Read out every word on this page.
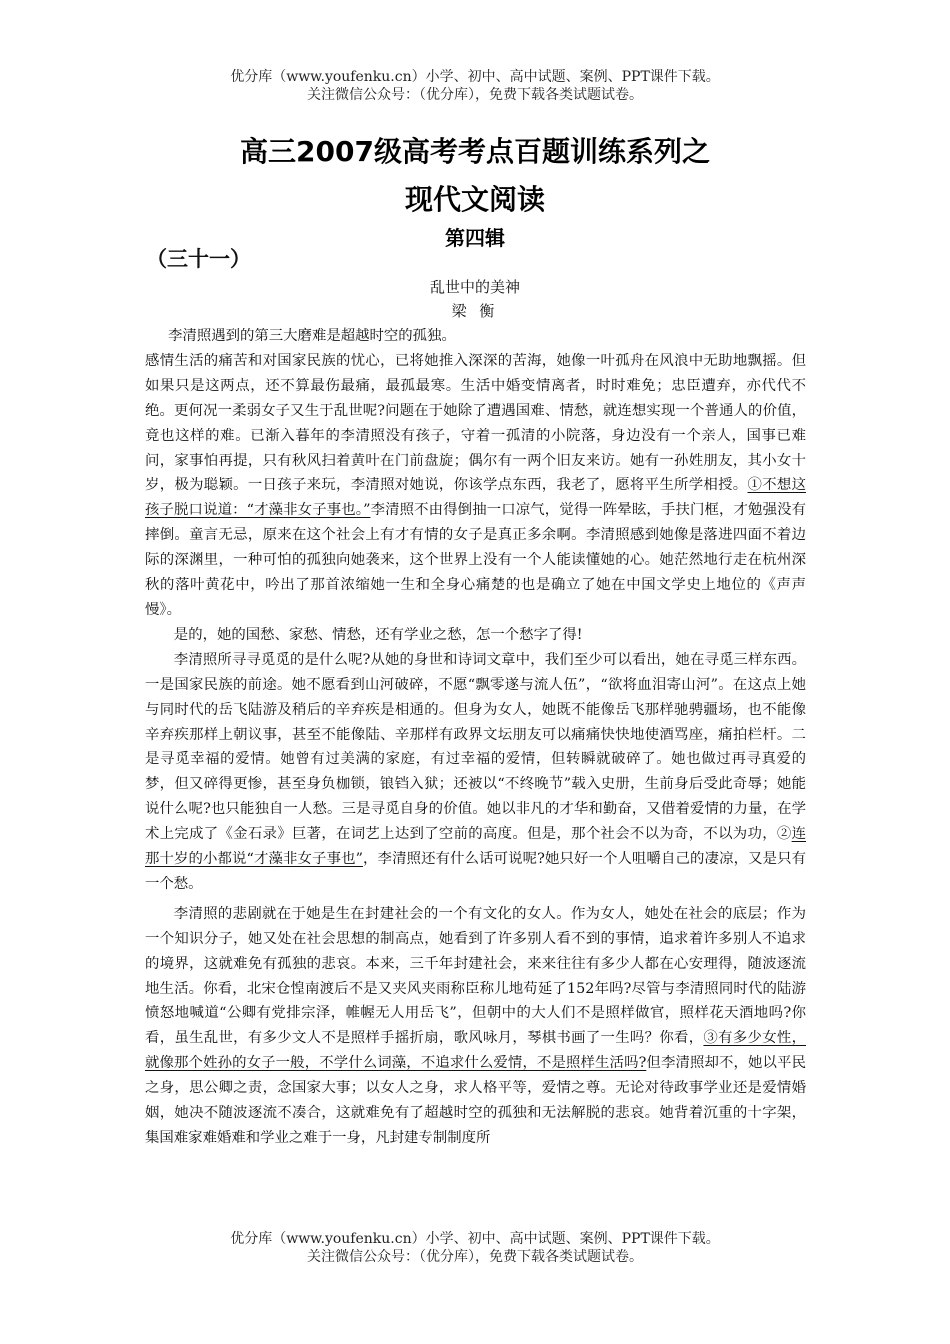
优分库（www.youfenku.cn）小学、初中、高中试题、案例、PPT课件下载。
关注微信公众号：（优分库），免费下载各类试题试卷。
高三2007级高考考点百题训练系列之
现代文阅读
第四辑
（三十一）
乱世中的美神
梁 衡

李清照遇到的第三大磨难是超越时空的孤独。

感情生活的痛苦和对国家民族的忧心，已将她推入深深的苦海，她像一叶孤舟在风浪中无助地飘摇。但如果只是这两点，还不算最伤最痛，最孤最寒。生活中婚变情离者，时时难免；忠臣遭弃，亦代代不绝。更何况一柔弱女子又生于乱世呢?问题在于她除了遭遇国难、情愁，就连想实现一个普通人的价值，竟也这样的难。已渐入暮年的李清照没有孩子，守着一孤清的小院落，身边没有一个亲人，国事已难问，家事怕再提，只有秋风扫着黄叶在门前盘旋；偶尔有一两个旧友来访。她有一孙姓朋友，其小女十岁，极为聪颖。一日孩子来玩，李清照对她说，你该学点东西，我老了，愿将平生所学相授。①不想这孩子脱口说道：“才藻非女子事也。”李清照不由得倒抽一口凉气，觉得一阵晕眩，手扶门框，才勉强没有摔倒。童言无忌，原来在这个社会上有才有情的女子是真正多余啊。李清照感到她像是落进四面不着边际的深渊里，一种可怕的孤独向她袭来，这个世界上没有一个人能读懂她的心。她茫然地行走在杭州深秋的落叶黄花中，吟出了那首浓缩她一生和全身心痛楚的也是确立了她在中国文学史上地位的《声声慢》。

是的，她的国愁、家愁、情愁，还有学业之愁，怎一个愁字了得!

李清照所寻寻觅觅的是什么呢?从她的身世和诗词文章中，我们至少可以看出，她在寻觅三样东西。一是国家民族的前途。她不愿看到山河破碎，不愿“飘零遂与流人伍”，“欲将血泪寄山河”。在这点上她与同时代的岳飞陆游及稍后的辛弃疾是相通的。但身为女人，她既不能像岳飞那样驰骋疆场，也不能像辛弃疾那样上朝议事，甚至不能像陆、辛那样有政界文坛朋友可以痛痛快快地使酒骂座，痛拍栏杆。二是寻觅幸福的爱情。她曾有过美满的家庭，有过幸福的爱情，但转瞬就破碎了。她也做过再寻真爱的梦，但又碎得更惨，甚至身负枷锁，锒铛入狱；还被以“不终晚节”载入史册，生前身后受此奇辱；她能说什么呢?也只能独自一人愁。三是寻觅自身的价值。她以非凡的才华和勤奋，又借着爱情的力量，在学术上完成了《金石录》巨著，在词艺上达到了空前的高度。但是，那个社会不以为奇，不以为功，②连那十岁的小都说“才藻非女子事也”，李清照还有什么话可说呢?她只好一个人咀嚼自己的凄凉，又是只有一个愁。

李清照的悲剧就在于她是生在封建社会的一个有文化的女人。作为女人，她处在社会的底层；作为一个知识分子，她又处在社会思想的制高点，她看到了许多别人看不到的事情，追求着许多别人不追求的境界，这就难免有孤独的悲哀。本来，三千年封建社会，来来往往有多少人都在心安理得，随波逐流地生活。你看，北宋仓惶南渡后不是又夹风夹雨称臣称儿地苟延了152年吗?尽管与李清照同时代的陆游愤怒地喊道“公卿有党排宗泽，帷幄无人用岳飞”，但朝中的大人们不是照样做官，照样花天酒地吗?你看，虽生乱世，有多少文人不是照样手摇折扇，歌风咏月，琴棋书画了一生吗？你看，③有多少女性，就像那个姓孙的女子一般，不学什么词藻，不追求什么爱情，不是照样生活吗?但李清照却不，她以平民之身，思公卿之责，念国家大事；以女人之身，求人格平等，爱情之尊。无论对待政事学业还是爱情婚姻，她决不随波逐流不凑合，这就难免有了超越时空的孤独和无法解脱的悲哀。她背着沉重的十字架，集国难家难婚难和学业之难于一身，凡封建专制制度所

优分库（www.youfenku.cn）小学、初中、高中试题、案例、PPT课件下载。
关注微信公众号：（优分库），免费下载各类试题试卷。
